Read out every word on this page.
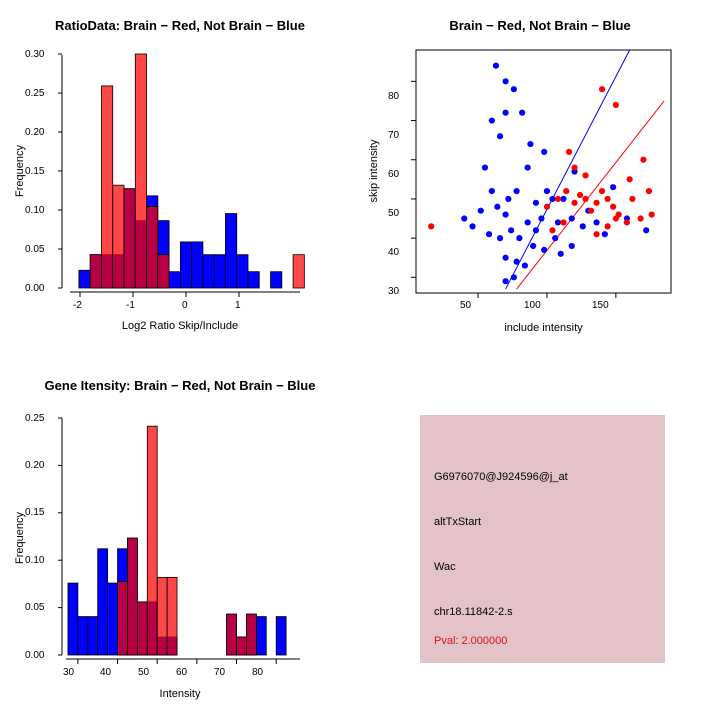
RatioData: Brain − Red, Not Brain − Blue
0.00
0.05
0.10
0.15
0.20
0.25
0.30
-2	-1	0	1
Log2 Ratio Skip/Include
Frequency
Brain − Red, Not Brain − Blue
30
40
50
60
70
80
50	100	150
include intensity
skip intensity
Gene Itensity: Brain − Red, Not Brain − Blue
0.00
0.05
0.10
0.15
0.20
0.25
30	40	50	60	70	80
Intensity
Frequency
G6976070@J924596@j_at
altTxStart
Wac
chr18.11842-2.s
Pval: 2.000000
